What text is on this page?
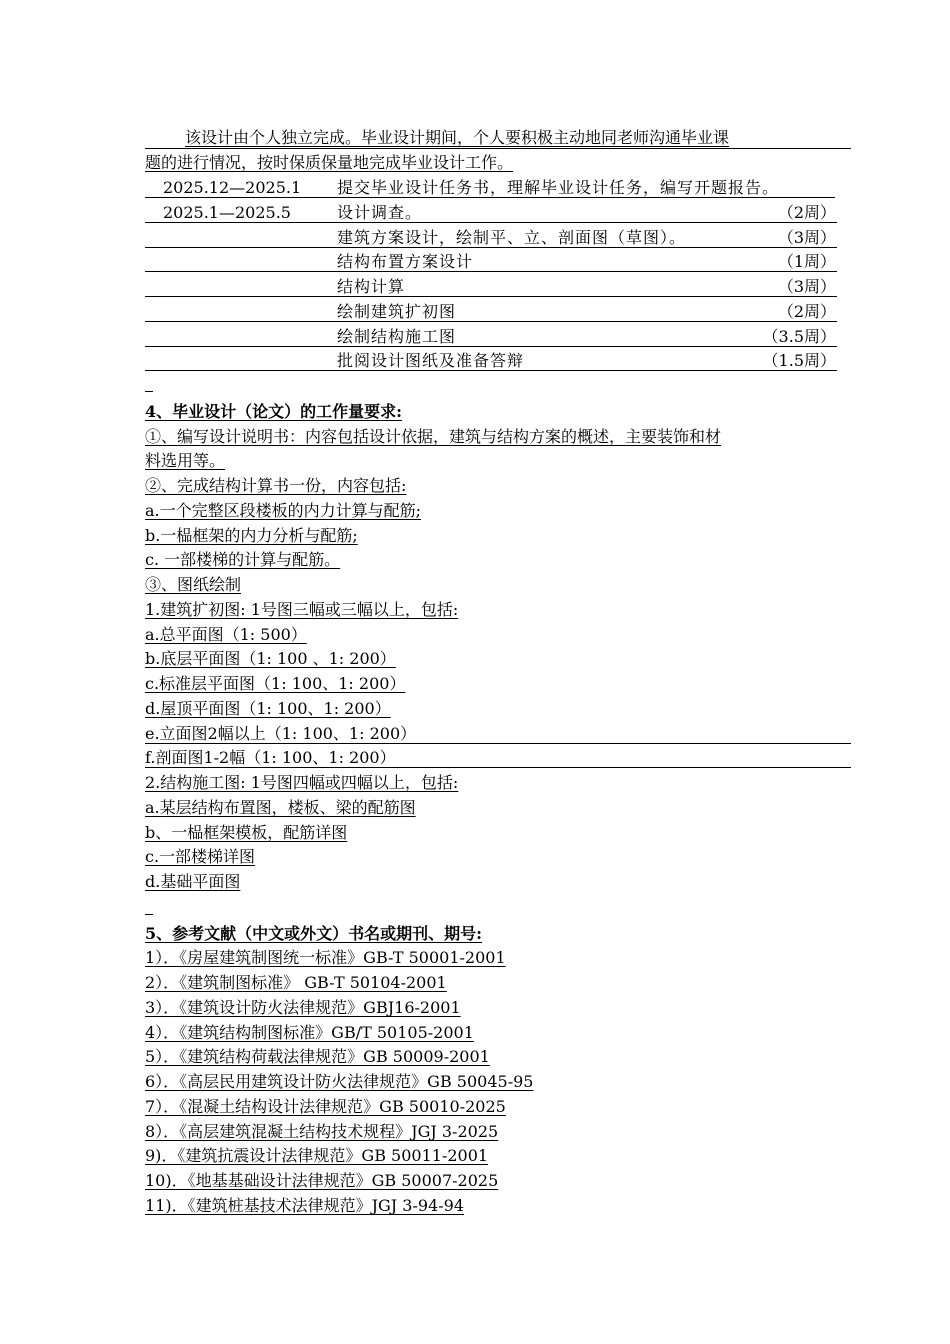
该设计由个人独立完成。毕业设计期间，个人要积极主动地同老师沟通毕业课
题的进行情况，按时保质保量地完成毕业设计工作。
2025.12—2025.1 提交毕业设计任务书，理解毕业设计任务，编写开题报告。
2025.1—2025.5	设计调查。	（2周）
建筑方案设计，绘制平、立、剖面图（草图）。	（3周）
结构布置方案设计	（1周）
结构计算	（3周）
绘制建筑扩初图	（2周）
绘制结构施工图	（3.5周）
批阅设计图纸及准备答辩	（1.5周）
4、毕业设计（论文）的工作量要求:
①、编写设计说明书：内容包括设计依据，建筑与结构方案的概述，主要装饰和材
料选用等。
②、完成结构计算书一份，内容包括:
a.一个完整区段楼板的内力计算与配筋;
b.一榀框架的内力分析与配筋;
c. 一部楼梯的计算与配筋。
③、图纸绘制
1.建筑扩初图: 1号图三幅或三幅以上，包括:
a.总平面图（1: 500）
b.底层平面图（1: 100 、1: 200）
c.标准层平面图（1: 100、1: 200）
d.屋顶平面图（1: 100、1: 200）
e.立面图2幅以上（1: 100、1: 200）
f.剖面图1-2幅（1: 100、1: 200）
2.结构施工图: 1号图四幅或四幅以上，包括:
a.某层结构布置图，楼板、梁的配筋图
b、一榀框架模板，配筋详图
c.一部楼梯详图
d.基础平面图
5、参考文献（中文或外文）书名或期刊、期号:
1）．《房屋建筑制图统一标准》GB-T 50001-2001
2）．《建筑制图标准》 GB-T 50104-2001
3）．《建筑设计防火法律规范》GBJ16-2001
4）．《建筑结构制图标准》GB/T 50105-2001
5）．《建筑结构荷载法律规范》GB 50009-2001
6）．《高层民用建筑设计防火法律规范》GB 50045-95
7）．《混凝土结构设计法律规范》GB 50010-2025
8）．《高层建筑混凝土结构技术规程》JGJ 3-2025
9)．《建筑抗震设计法律规范》GB 50011-2001
10)．《地基基础设计法律规范》GB 50007-2025
11)．《建筑桩基技术法律规范》JGJ 3-94-94
